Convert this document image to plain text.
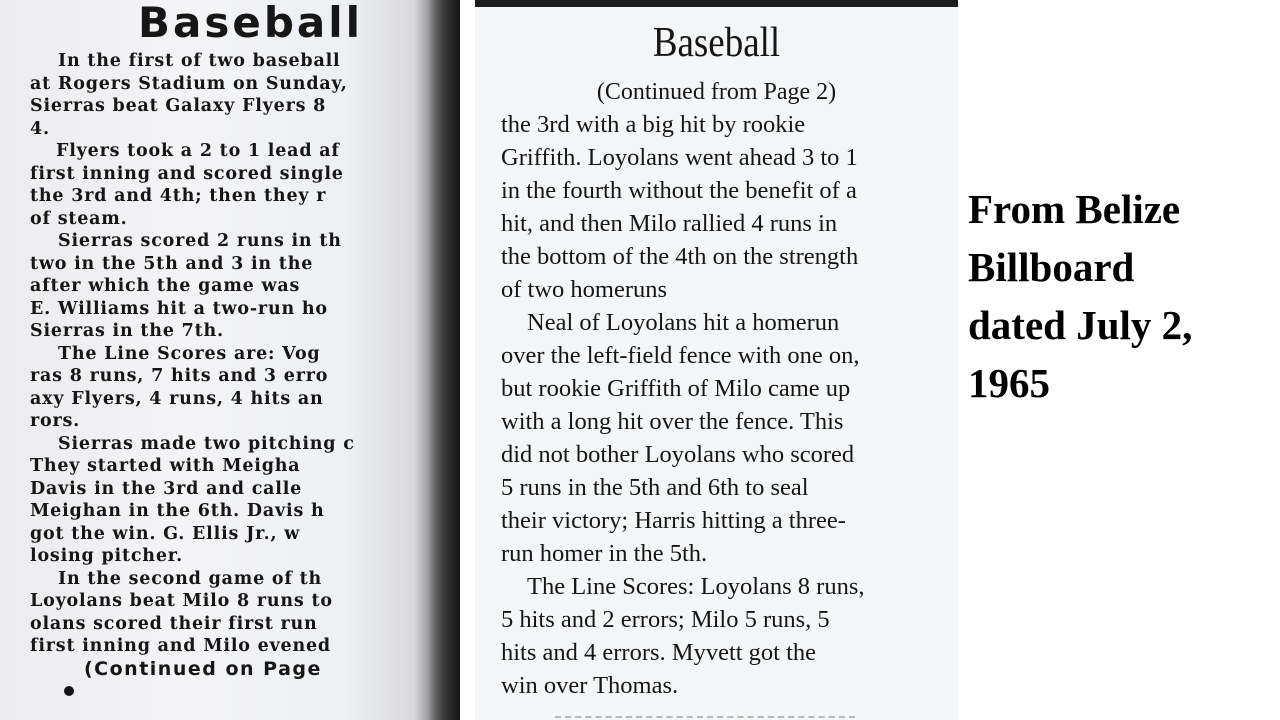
Baseball
In the first of two baseball
at Rogers Stadium on Sunday,
Sierras beat Galaxy Flyers 8
4.
Flyers took a 2 to 1 lead af
first inning and scored single
the 3rd and 4th; then they r
of steam.
Sierras scored 2 runs in th
two in the 5th and 3 in the
after which the game was
E. Williams hit a two-run ho
Sierras in the 7th.
The Line Scores are: Vog
ras 8 runs, 7 hits and 3 erro
axy Flyers, 4 runs, 4 hits an
rors.
Sierras made two pitching c
They started with Meigha
Davis in the 3rd and calle
Meighan in the 6th. Davis h
got the win. G. Ellis Jr., w
losing pitcher.
In the second game of th
Loyolans beat Milo 8 runs to
olans scored their first run
first inning and Milo evened
(Continued on Page
Baseball
(Continued from Page 2)
the 3rd with a big hit by rookie
Griffith. Loyolans went ahead 3 to 1
in the fourth without the benefit of a
hit, and then Milo rallied 4 runs in
the bottom of the 4th on the strength
of two homeruns
Neal of Loyolans hit a homerun
over the left-field fence with one on,
but rookie Griffith of Milo came up
with a long hit over the fence. This
did not bother Loyolans who scored
5 runs in the 5th and 6th to seal
their victory; Harris hitting a three-
run homer in the 5th.
The Line Scores: Loyolans 8 runs,
5 hits and 2 errors; Milo 5 runs, 5
hits and 4 errors. Myvett got the
win over Thomas.
From Belize
Billboard
dated July 2,
1965
